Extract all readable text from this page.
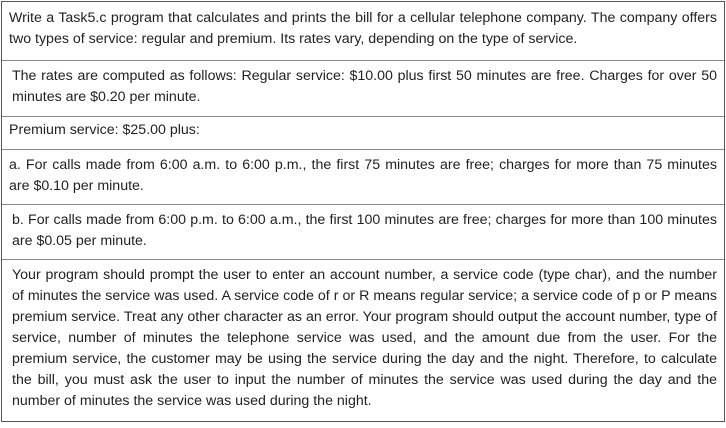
Write a Task5.c program that calculates and prints the bill for a cellular telephone company. The company offers two types of service: regular and premium. Its rates vary, depending on the type of service.

The rates are computed as follows: Regular service: $10.00 plus first 50 minutes are free. Charges for over 50 minutes are $0.20 per minute.

Premium service: $25.00 plus:

a. For calls made from 6:00 a.m. to 6:00 p.m., the first 75 minutes are free; charges for more than 75 minutes are $0.10 per minute.

b. For calls made from 6:00 p.m. to 6:00 a.m., the first 100 minutes are free; charges for more than 100 minutes are $0.05 per minute.

Your program should prompt the user to enter an account number, a service code (type char), and the number of minutes the service was used. A service code of r or R means regular service; a service code of p or P means premium service. Treat any other character as an error. Your program should output the account number, type of service, number of minutes the telephone service was used, and the amount due from the user. For the premium service, the customer may be using the service during the day and the night. Therefore, to calculate the bill, you must ask the user to input the number of minutes the service was used during the day and the number of minutes the service was used during the night.
